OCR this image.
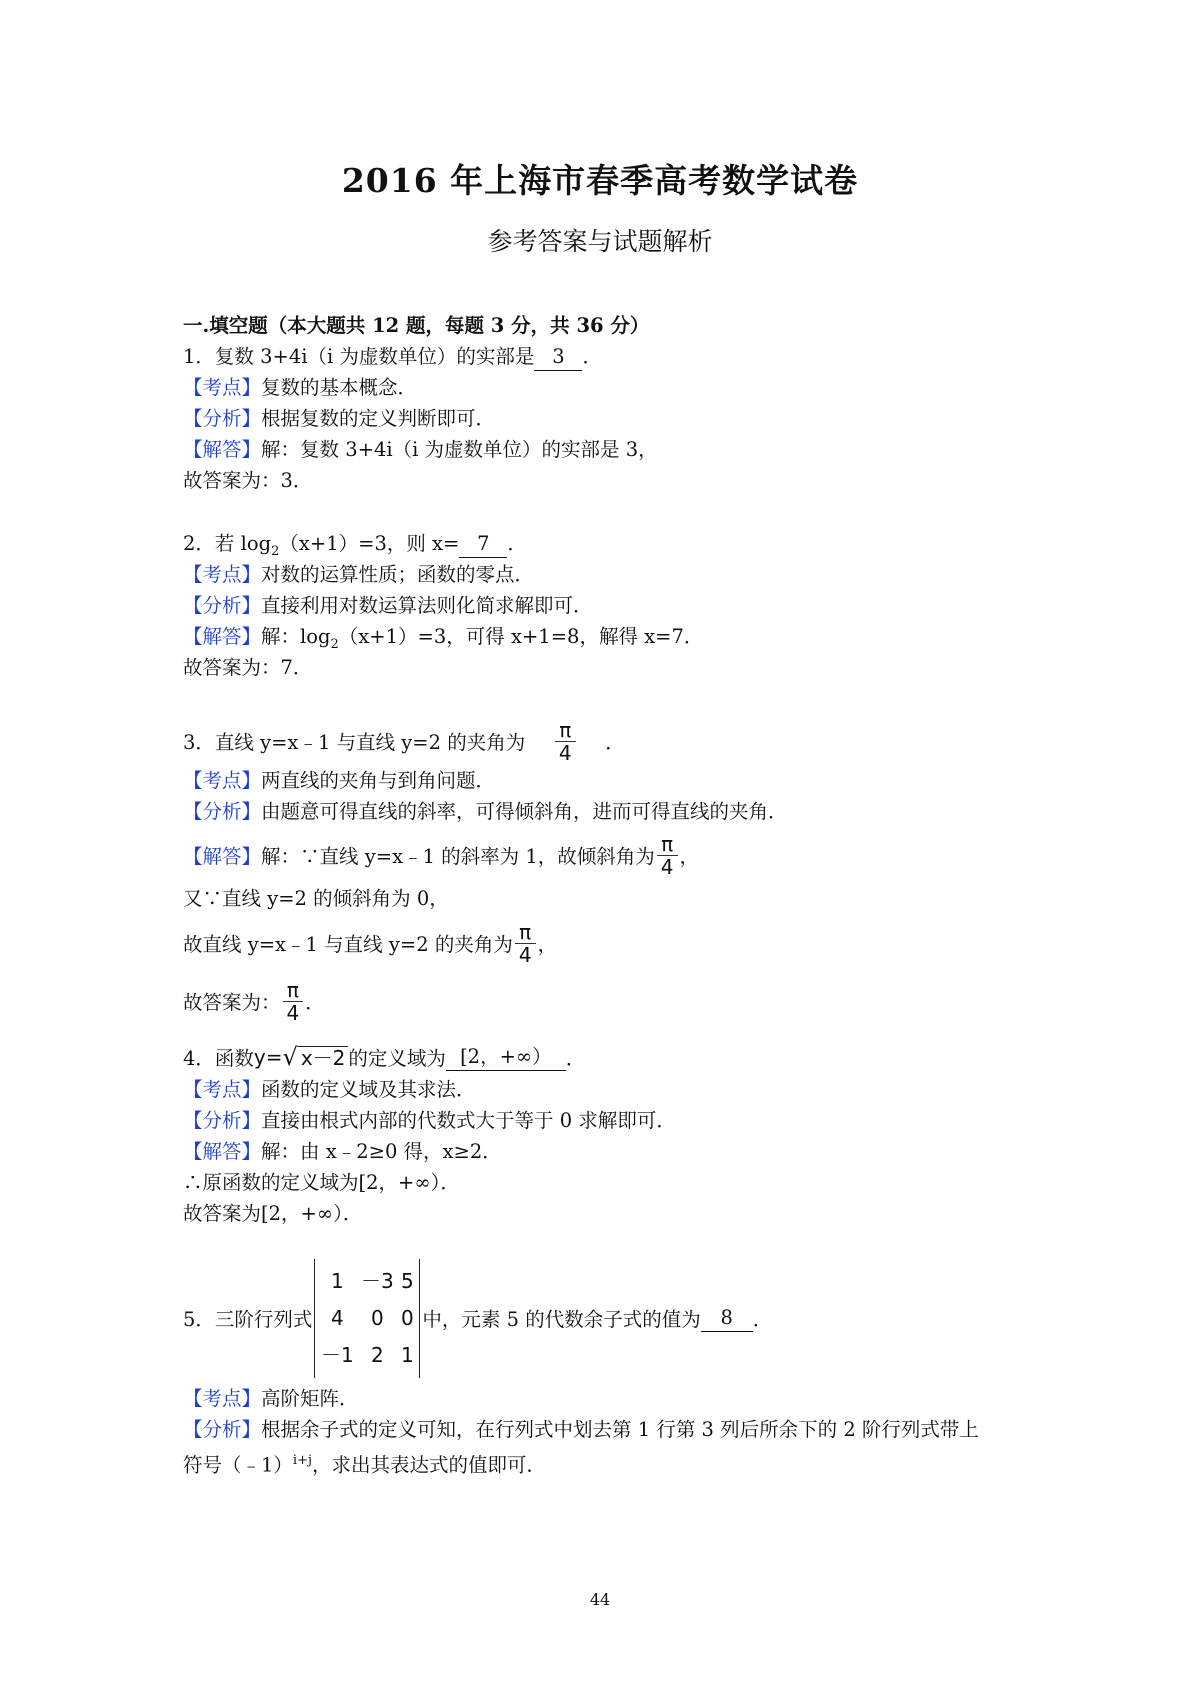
2016 年上海市春季高考数学试卷
参考答案与试题解析
一.填空题（本大题共 12 题，每题 3 分，共 36 分）
1．复数 3+4i（i 为虚数单位）的实部是 3 ．
【考点】复数的基本概念．
【分析】根据复数的定义判断即可．
【解答】解：复数 3+4i（i 为虚数单位）的实部是 3，
故答案为：3．
2．若 $\log_2(x+1)=3$，则 x= 7 ．
【考点】对数的运算性质；函数的零点．
【分析】直接利用对数运算法则化简求解即可．
【解答】解：$\log_2(x+1)=3$，可得 x+1=8，解得 x=7．
故答案为：7．
3．直线 y=x﹣1 与直线 y=2 的夹角为 $\frac{\pi}{4}$ ．
【考点】两直线的夹角与到角问题．
【分析】由题意可得直线的斜率，可得倾斜角，进而可得直线的夹角．
【解答】 解：∵直线 y=x﹣1 的斜率为 1，故倾斜角为 $\frac{\pi}{4}$ ，
又∵直线 y=2 的倾斜角为 0，
故直线 y=x﹣1 与直线 y=2 的夹角为 $\frac{\pi}{4}$ ，
故答案为： $\frac{\pi}{4}$ ．
4．函数 y= √ x－2 的定义域为 [2，+∞） ．
【考点】函数的定义域及其求法．
【分析】直接由根式内部的代数式大于等于 0 求解即可．
【解答】解：由 x﹣2≥0 得，x≥2．
∴原函数的定义域为[2，+∞）．
故答案为[2，+∞）．
5．三阶行列式
1 －3 5
4	0 0
－1 2 1
中，元素 5 的代数余子式的值为	8	．
【考点】高阶矩阵．
【分析】根据余子式的定义可知，在行列式中划去第 1 行第 3 列后所余下的 2 阶行列式带上
符号（﹣1）$^{i+j}$，求出其表达式的值即可．
44
